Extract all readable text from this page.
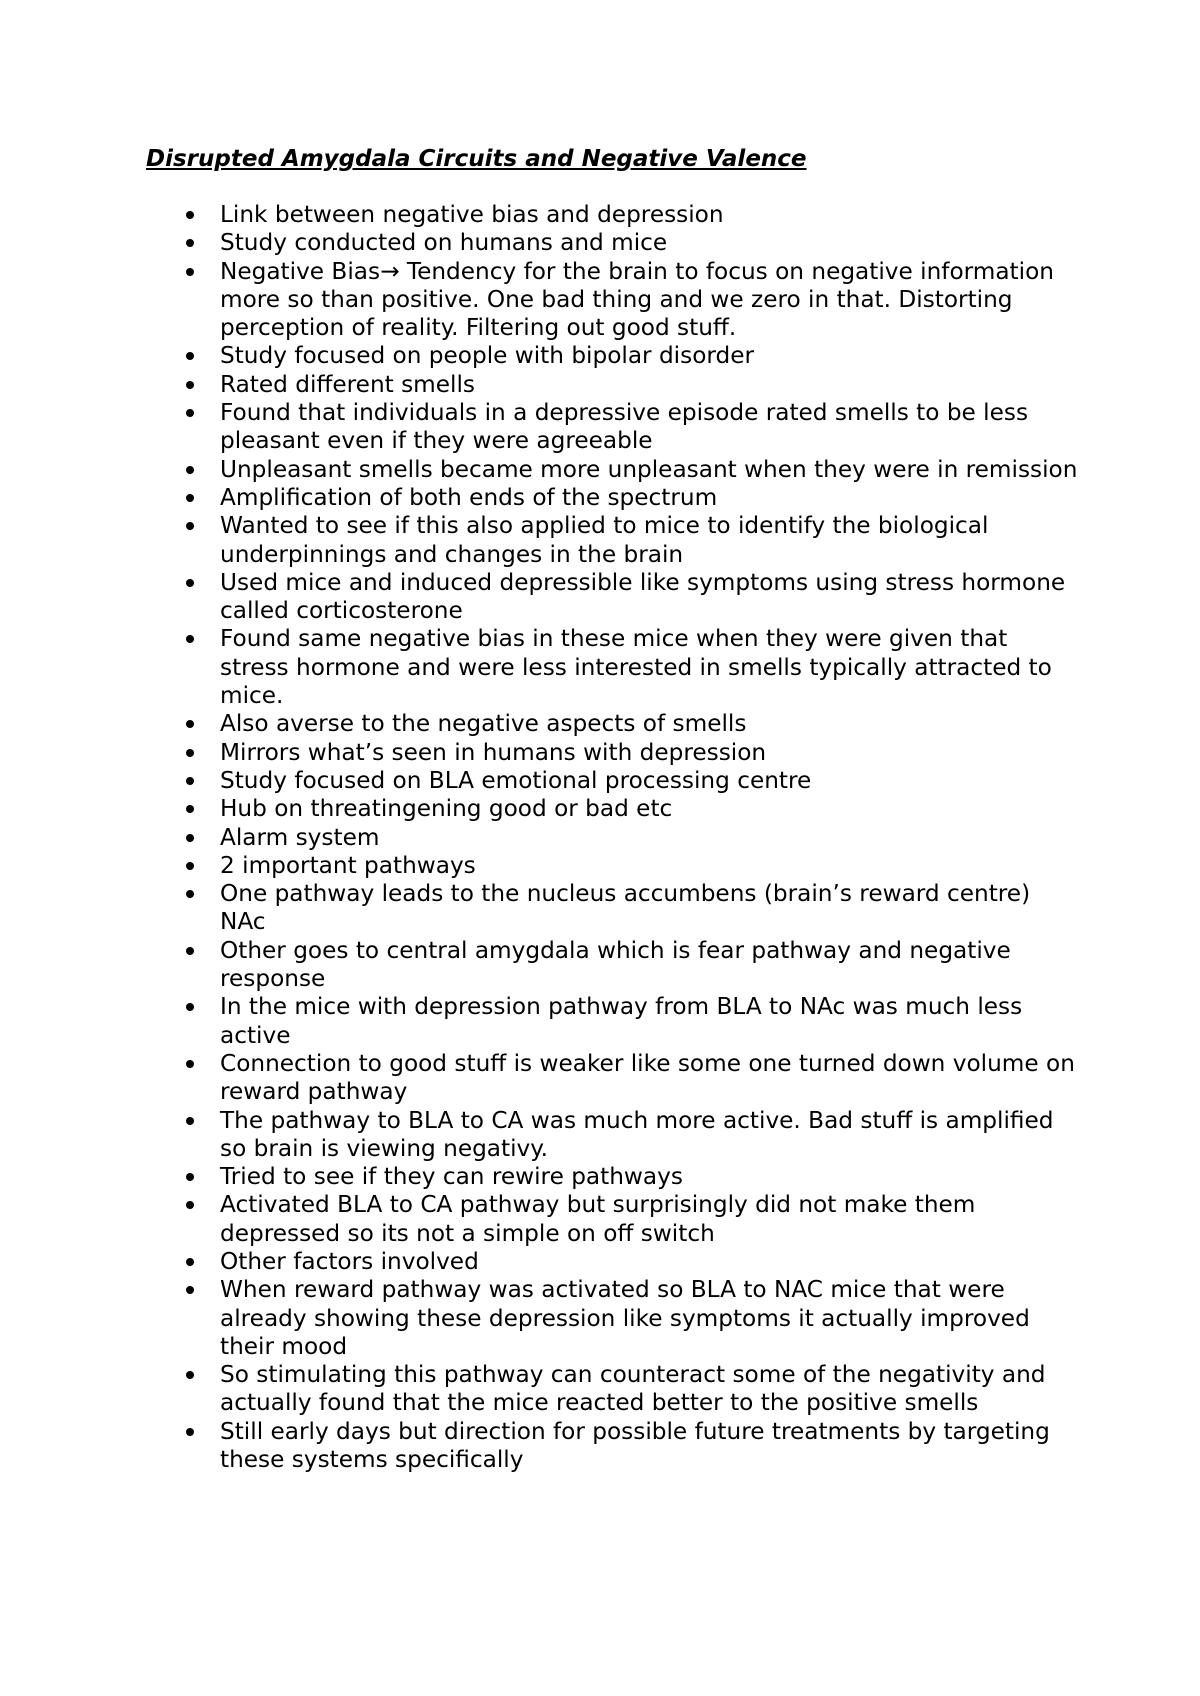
Disrupted Amygdala Circuits and Negative Valence
Link between negative bias and depression
Study conducted on humans and mice
Negative Bias→ Tendency for the brain to focus on negative information more so than positive. One bad thing and we zero in that. Distorting perception of reality. Filtering out good stuff.
Study focused on people with bipolar disorder
Rated different smells
Found that individuals in a depressive episode rated smells to be less pleasant even if they were agreeable
Unpleasant smells became more unpleasant when they were in remission
Amplification of both ends of the spectrum
Wanted to see if this also applied to mice to identify the biological underpinnings and changes in the brain
Used mice and induced depressible like symptoms using stress hormone called corticosterone
Found same negative bias in these mice when they were given that stress hormone and were less interested in smells typically attracted to mice.
Also averse to the negative aspects of smells
Mirrors what’s seen in humans with depression
Study focused on BLA emotional processing centre
Hub on threatingening good or bad etc
Alarm system
2 important pathways
One pathway leads to the nucleus accumbens (brain’s reward centre) NAc
Other goes to central amygdala which is fear pathway and negative response
In the mice with depression pathway from BLA to NAc was much less active
Connection to good stuff is weaker like some one turned down volume on reward pathway
The pathway to BLA to CA was much more active. Bad stuff is amplified so brain is viewing negativy.
Tried to see if they can rewire pathways
Activated BLA to CA pathway but surprisingly did not make them depressed so its not a simple on off switch
Other factors involved
When reward pathway was activated so BLA to NAC mice that were already showing these depression like symptoms it actually improved their mood
So stimulating this pathway can counteract some of the negativity and actually found that the mice reacted better to the positive smells
Still early days but direction for possible future treatments by targeting these systems specifically
